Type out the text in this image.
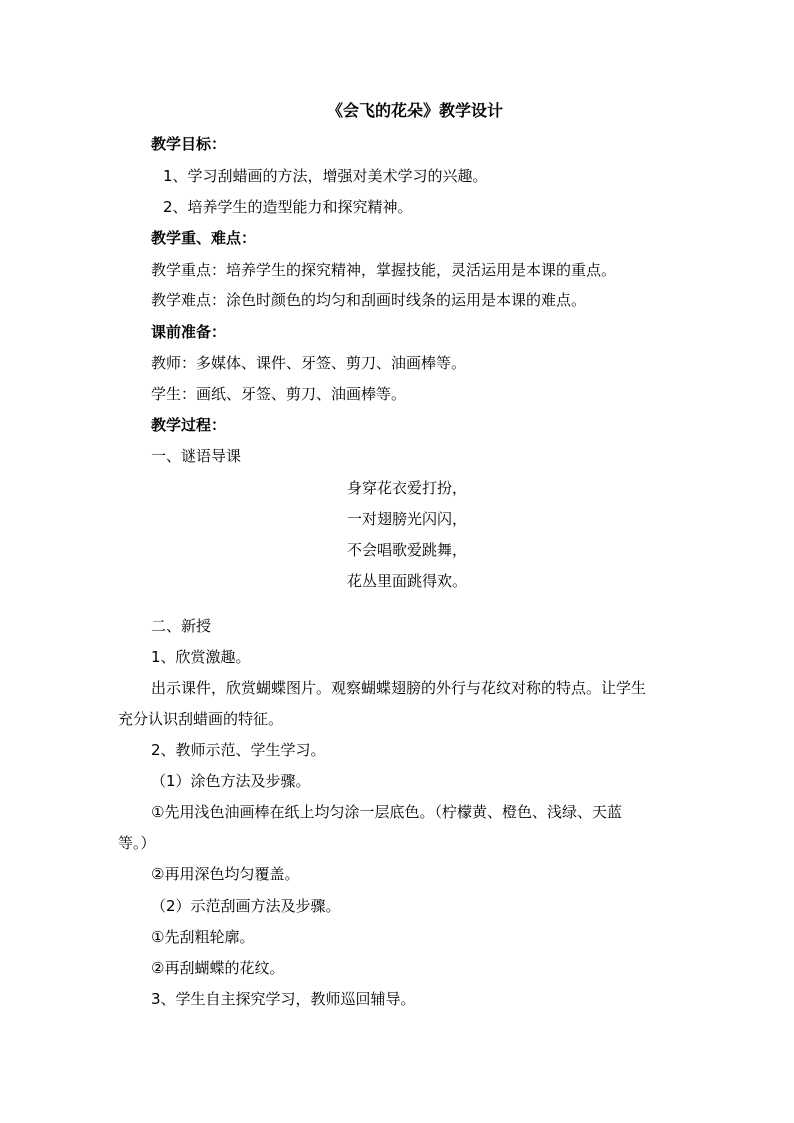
《会飞的花朵》教学设计
教学目标：
1、学习刮蜡画的方法，增强对美术学习的兴趣。
2、培养学生的造型能力和探究精神。
教学重、难点：
教学重点：培养学生的探究精神，掌握技能，灵活运用是本课的重点。
教学难点：涂色时颜色的均匀和刮画时线条的运用是本课的难点。
课前准备：
教师：多媒体、课件、牙签、剪刀、油画棒等。
学生：画纸、牙签、剪刀、油画棒等。
教学过程：
一、谜语导课
身穿花衣爱打扮，
一对翅膀光闪闪，
不会唱歌爱跳舞，
花丛里面跳得欢。
二、新授
1、欣赏激趣。
出示课件，欣赏蝴蝶图片。观察蝴蝶翅膀的外行与花纹对称的特点。让学生
充分认识刮蜡画的特征。
2、教师示范、学生学习。
（1）涂色方法及步骤。
①先用浅色油画棒在纸上均匀涂一层底色。（柠檬黄、橙色、浅绿、天蓝
等。）
②再用深色均匀覆盖。
（2）示范刮画方法及步骤。
①先刮粗轮廓。
②再刮蝴蝶的花纹。
3、学生自主探究学习，教师巡回辅导。
